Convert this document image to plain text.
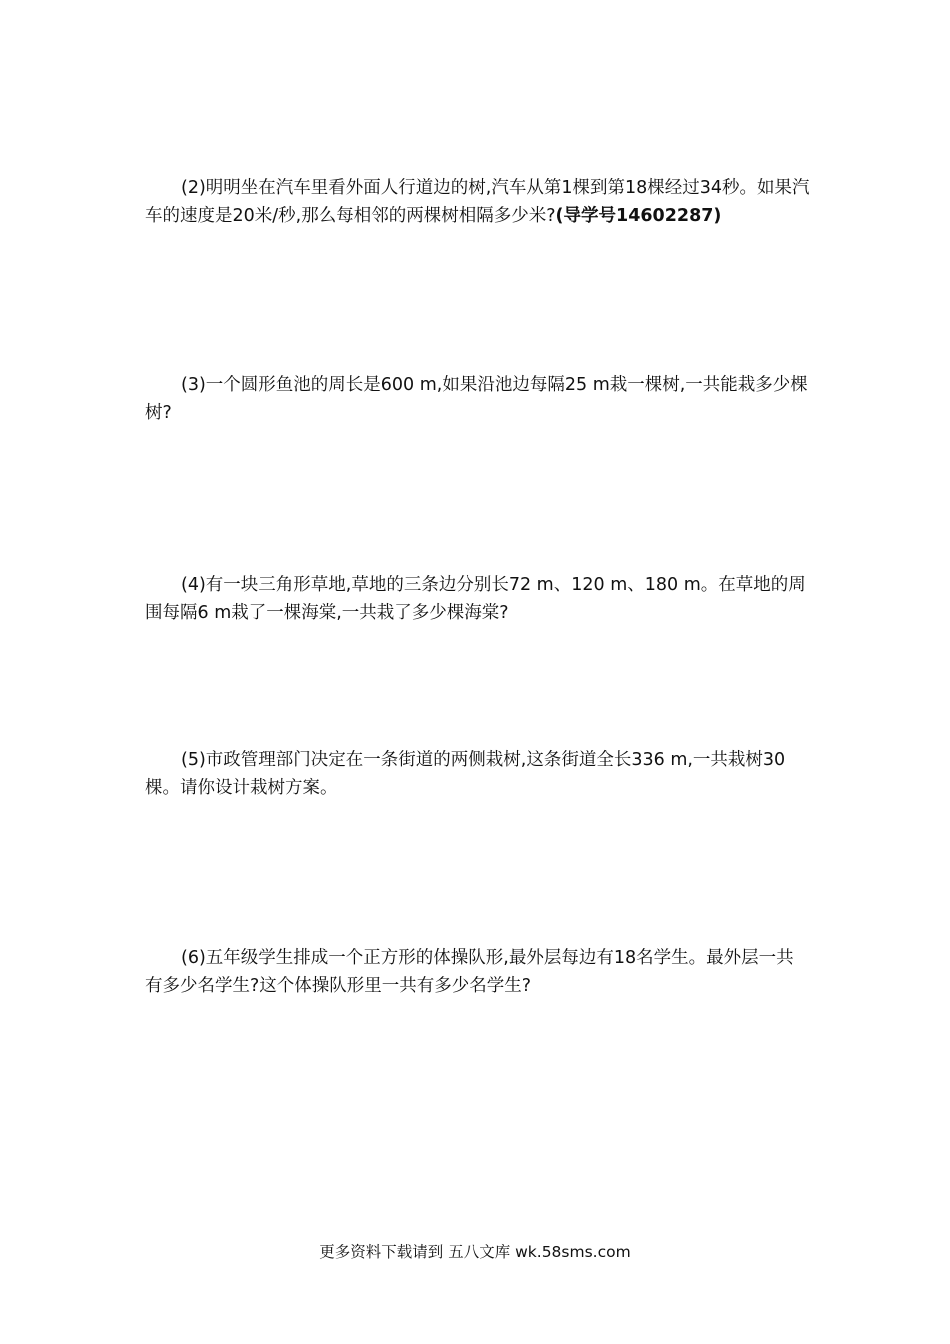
(2)明明坐在汽车里看外面人行道边的树,汽车从第1棵到第18棵经过34秒。如果汽车的速度是20米/秒,那么每相邻的两棵树相隔多少米?(导学号14602287)

(3)一个圆形鱼池的周长是600 m,如果沿池边每隔25 m栽一棵树,一共能栽多少棵树?

(4)有一块三角形草地,草地的三条边分别长72 m、120 m、180 m。在草地的周围每隔6 m栽了一棵海棠,一共栽了多少棵海棠?

(5)市政管理部门决定在一条街道的两侧栽树,这条街道全长336 m,一共栽树30棵。请你设计栽树方案。

(6)五年级学生排成一个正方形的体操队形,最外层每边有18名学生。最外层一共有多少名学生?这个体操队形里一共有多少名学生?

更多资料下载请到 五八文库 wk.58sms.com
